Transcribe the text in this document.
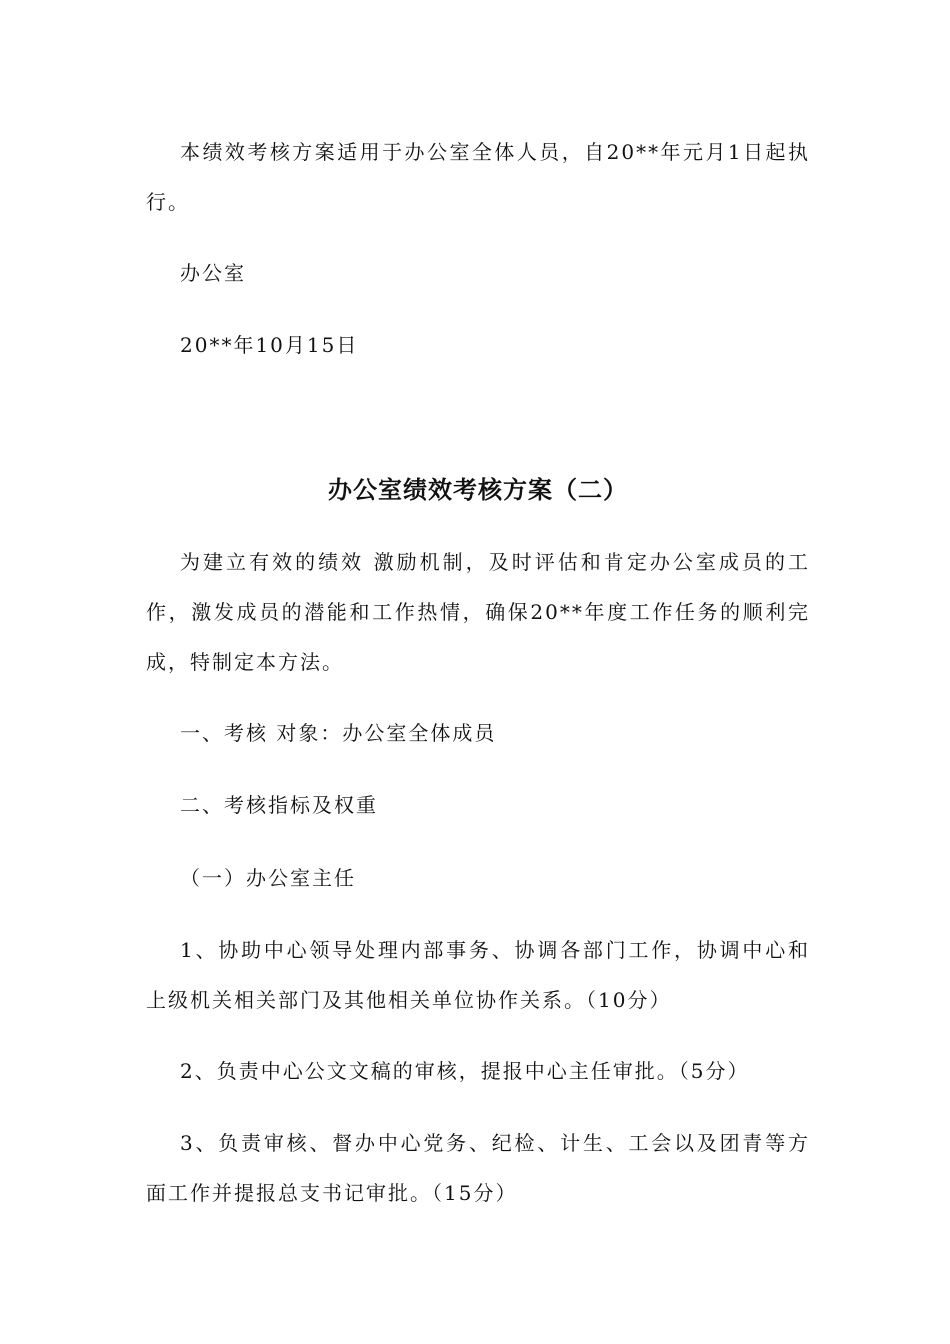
本绩效考核方案适用于办公室全体人员，自20**年元月1日起执行。

办公室

20**年10月15日

办公室绩效考核方案（二）

为建立有效的绩效 激励机制，及时评估和肯定办公室成员的工作，激发成员的潜能和工作热情，确保20**年度工作任务的顺利完成，特制定本方法。

一、考核 对象：办公室全体成员

二、考核指标及权重

（一）办公室主任

1、协助中心领导处理内部事务、协调各部门工作，协调中心和上级机关相关部门及其他相关单位协作关系。（10分）

2、负责中心公文文稿的审核，提报中心主任审批。（5分）

3、负责审核、督办中心党务、纪检、计生、工会以及团青等方面工作并提报总支书记审批。（15分）
